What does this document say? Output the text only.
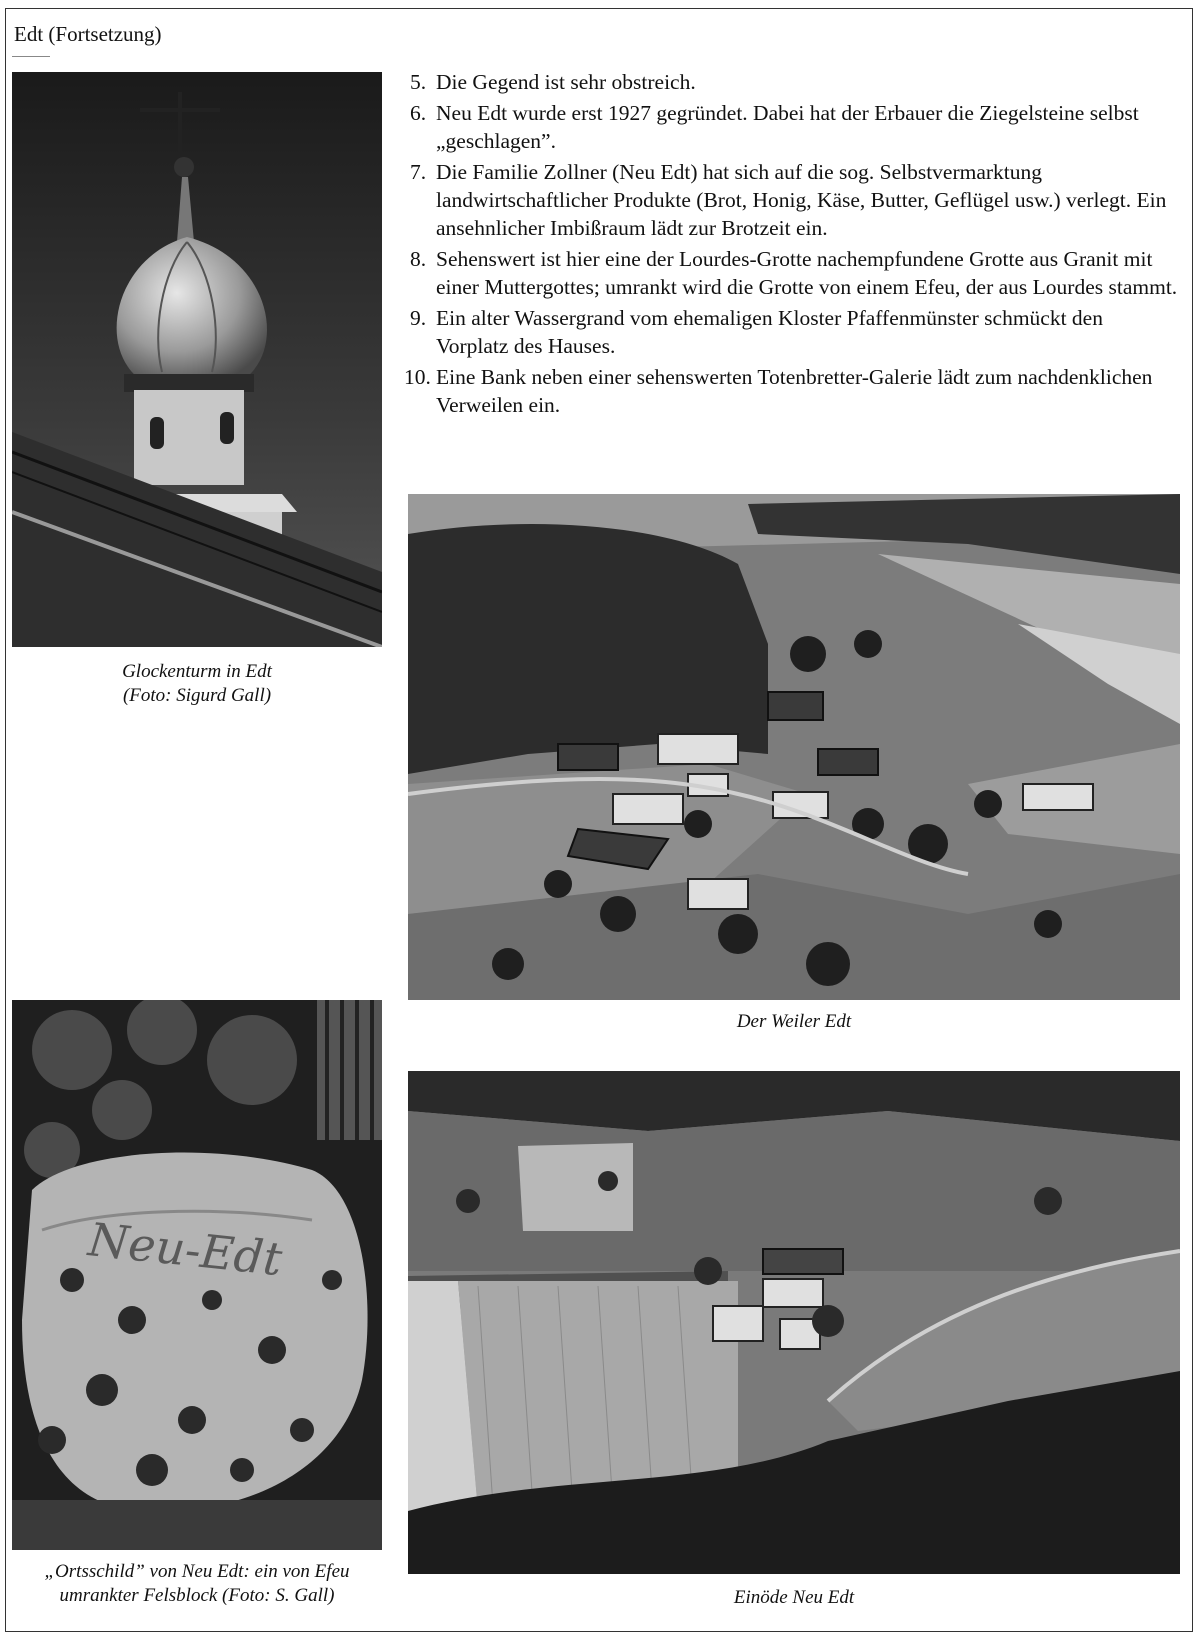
Edt (Fortsetzung)
Glockenturm in Edt
(Foto: Sigurd Gall)
5. Die Gegend ist sehr obstreich.
6. Neu Edt wurde erst 1927 gegründet. Dabei hat der Erbauer die Ziegelsteine selbst „geschlagen”.
7. Die Familie Zollner (Neu Edt) hat sich auf die sog. Selbstvermarktung landwirtschaftlicher Produkte (Brot, Honig, Käse, Butter, Geflügel usw.) verlegt. Ein ansehnlicher Imbißraum lädt zur Brotzeit ein.
8. Sehenswert ist hier eine der Lourdes-Grotte nachempfundene Grotte aus Granit mit einer Muttergottes; umrankt wird die Grotte von einem Efeu, der aus Lourdes stammt.
9. Ein alter Wassergrand vom ehemaligen Kloster Pfaffenmünster schmückt den Vorplatz des Hauses.
10. Eine Bank neben einer sehenswerten Totenbretter-Galerie lädt zum nachdenklichen Verweilen ein.
Der Weiler Edt
Neu-Edt
„Ortsschild” von Neu Edt: ein von Efeu
umrankter Felsblock (Foto: S. Gall)	Einöde Neu Edt
